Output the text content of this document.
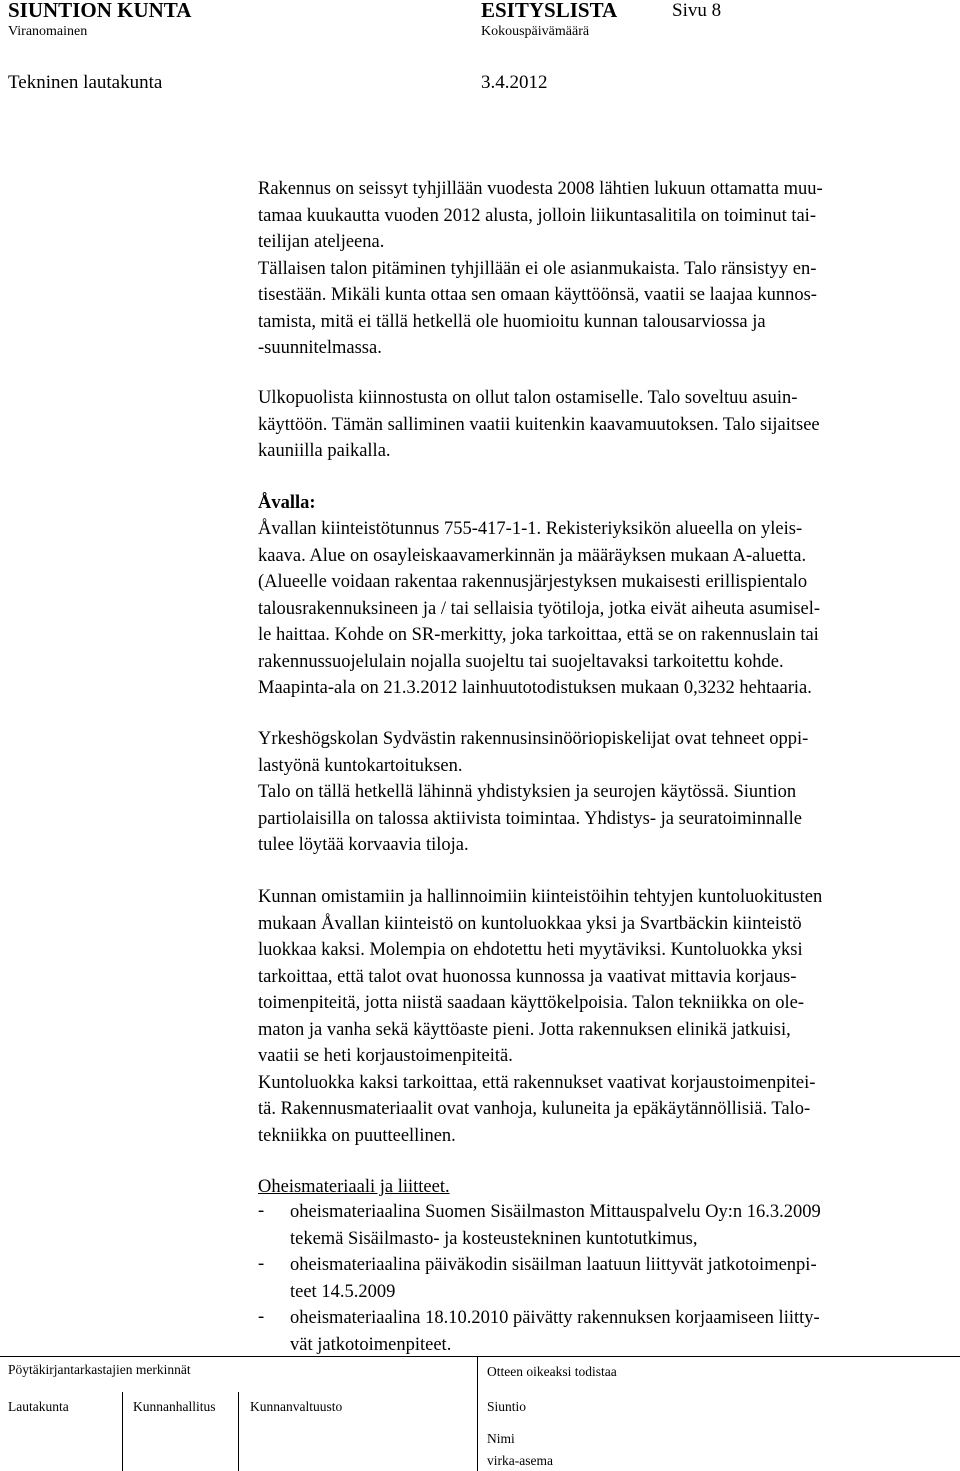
SIUNTION KUNTA	ESITYSLISTA	Sivu 8
Viranomainen	Kokouspäivämäärä
Tekninen lautakunta	3.4.2012
Rakennus on seissyt tyhjillään vuodesta 2008 lähtien lukuun ottamatta muu-
tamaa kuukautta vuoden 2012 alusta, jolloin liikuntasalitila on toiminut tai-
teilijan ateljeena.
Tällaisen talon pitäminen tyhjillään ei ole asianmukaista. Talo ränsistyy en-
tisestään. Mikäli kunta ottaa sen omaan käyttöönsä, vaatii se laajaa kunnos-
tamista, mitä ei tällä hetkellä ole huomioitu kunnan talousarviossa ja
-suunnitelmassa.
Ulkopuolista kiinnostusta on ollut talon ostamiselle. Talo soveltuu asuin-
käyttöön. Tämän salliminen vaatii kuitenkin kaavamuutoksen. Talo sijaitsee
kauniilla paikalla.
Åvalla:
Åvallan kiinteistötunnus 755-417-1-1. Rekisteriyksikön alueella on yleis-
kaava. Alue on osayleiskaavamerkinnän ja määräyksen mukaan A-aluetta.
(Alueelle voidaan rakentaa rakennusjärjestyksen mukaisesti erillispientalo
talousrakennuksineen ja / tai sellaisia työtiloja, jotka eivät aiheuta asumisel-
le haittaa. Kohde on SR-merkitty, joka tarkoittaa, että se on rakennuslain tai
rakennussuojelulain nojalla suojeltu tai suojeltavaksi tarkoitettu kohde.
Maapinta-ala on 21.3.2012 lainhuutotodistuksen mukaan 0,3232 hehtaaria.
Yrkeshögskolan Sydvästin rakennusinsinööriopiskelijat ovat tehneet oppi-
lastyönä kuntokartoituksen.
Talo on tällä hetkellä lähinnä yhdistyksien ja seurojen käytössä. Siuntion
partiolaisilla on talossa aktiivista toimintaa. Yhdistys- ja seuratoiminnalle
tulee löytää korvaavia tiloja.
Kunnan omistamiin ja hallinnoimiin kiinteistöihin tehtyjen kuntoluokitusten
mukaan Åvallan kiinteistö on kuntoluokkaa yksi ja Svartbäckin kiinteistö
luokkaa kaksi. Molempia on ehdotettu heti myytäviksi. Kuntoluokka yksi
tarkoittaa, että talot ovat huonossa kunnossa ja vaativat mittavia korjaus-
toimenpiteitä, jotta niistä saadaan käyttökelpoisia. Talon tekniikka on ole-
maton ja vanha sekä käyttöaste pieni. Jotta rakennuksen elinikä jatkuisi,
vaatii se heti korjaustoimenpiteitä.
Kuntoluokka kaksi tarkoittaa, että rakennukset vaativat korjaustoimenpitei-
tä. Rakennusmateriaalit ovat vanhoja, kuluneita ja epäkäytännöllisiä. Talo-
tekniikka on puutteellinen.
Oheismateriaali ja liitteet.
- oheismateriaalina Suomen Sisäilmaston Mittauspalvelu Oy:n 16.3.2009
tekemä Sisäilmasto- ja kosteustekninen kuntotutkimus,
- oheismateriaalina päiväkodin sisäilman laatuun liittyvät jatkotoimenpi-
teet 14.5.2009
- oheismateriaalina 18.10.2010 päivätty rakennuksen korjaamiseen liitty-
vät jatkotoimenpiteet.
Pöytäkirjantarkastajien merkinnät	Otteen oikeaksi todistaa
Lautakunta	Kunnanhallitus	Kunnanvaltuusto	Siuntio
Nimi
virka-asema
